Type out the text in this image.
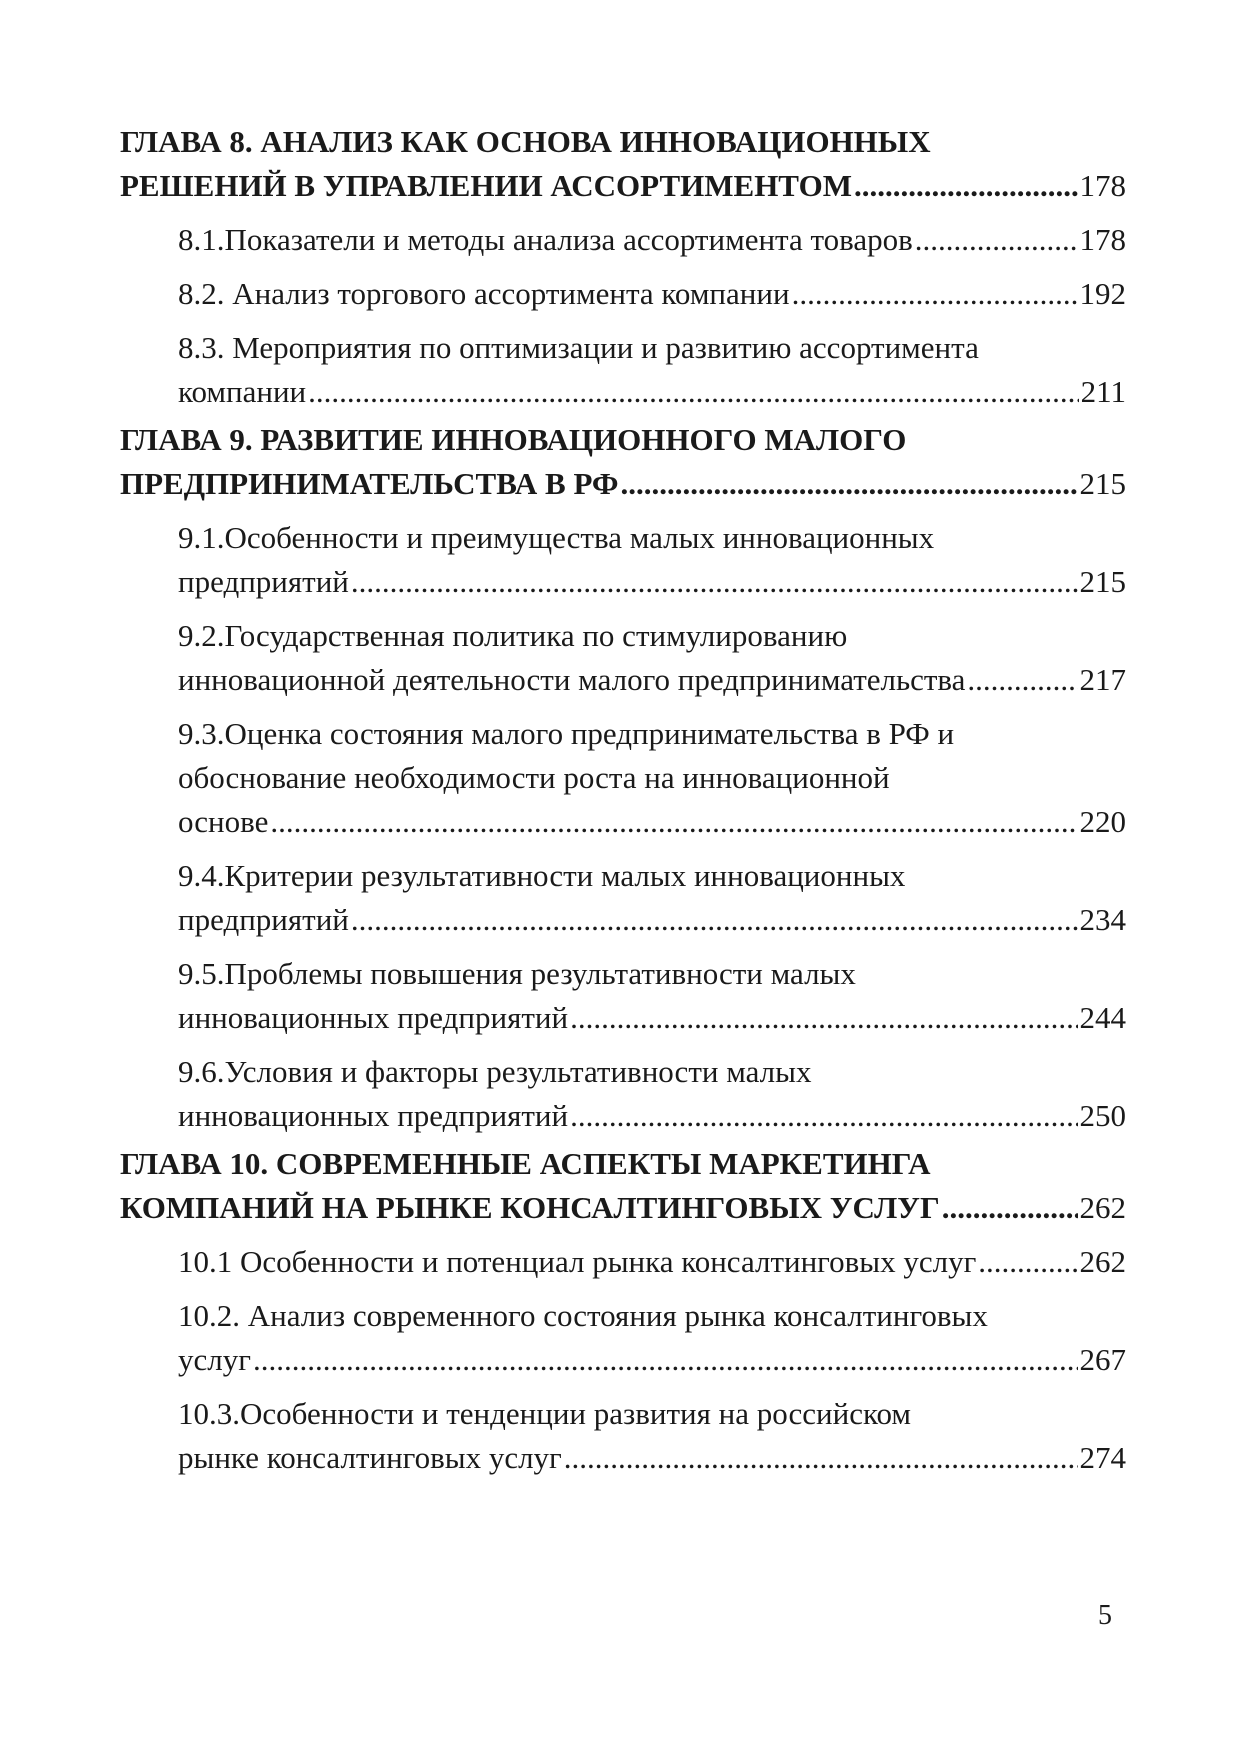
ГЛАВА 8. АНАЛИЗ КАК ОСНОВА ИННОВАЦИОННЫХ
РЕШЕНИЙ В УПРАВЛЕНИИ АССОРТИМЕНТОМ .....	178
8.1.Показатели и методы анализа ассортимента товаров .....	178
8.2. Анализ торгового ассортимента компании .....	192
8.3. Мероприятия по оптимизации и развитию ассортимента
компании .....	211
ГЛАВА 9. РАЗВИТИЕ ИННОВАЦИОННОГО МАЛОГО
ПРЕДПРИНИМАТЕЛЬСТВА В РФ .....	215
9.1.Особенности и преимущества малых инновационных
предприятий .....	215
9.2.Государственная политика по стимулированию
инновационной деятельности малого предпринимательства .....	217
9.3.Оценка состояния малого предпринимательства в РФ и
обоснование необходимости роста на инновационной
основе .....	220
9.4.Критерии результативности малых инновационных
предприятий .....	234
9.5.Проблемы повышения результативности малых
инновационных предприятий .....	244
9.6.Условия и факторы результативности малых
инновационных предприятий .....	250
ГЛАВА 10. СОВРЕМЕННЫЕ АСПЕКТЫ МАРКЕТИНГА
КОМПАНИЙ НА РЫНКЕ КОНСАЛТИНГОВЫХ УСЛУГ .....	262
10.1 Особенности и потенциал рынка консалтинговых услуг .....	262
10.2. Анализ современного состояния рынка консалтинговых
услуг .....	267
10.3.Особенности и тенденции развития на российском
рынке консалтинговых услуг .....	274
5
